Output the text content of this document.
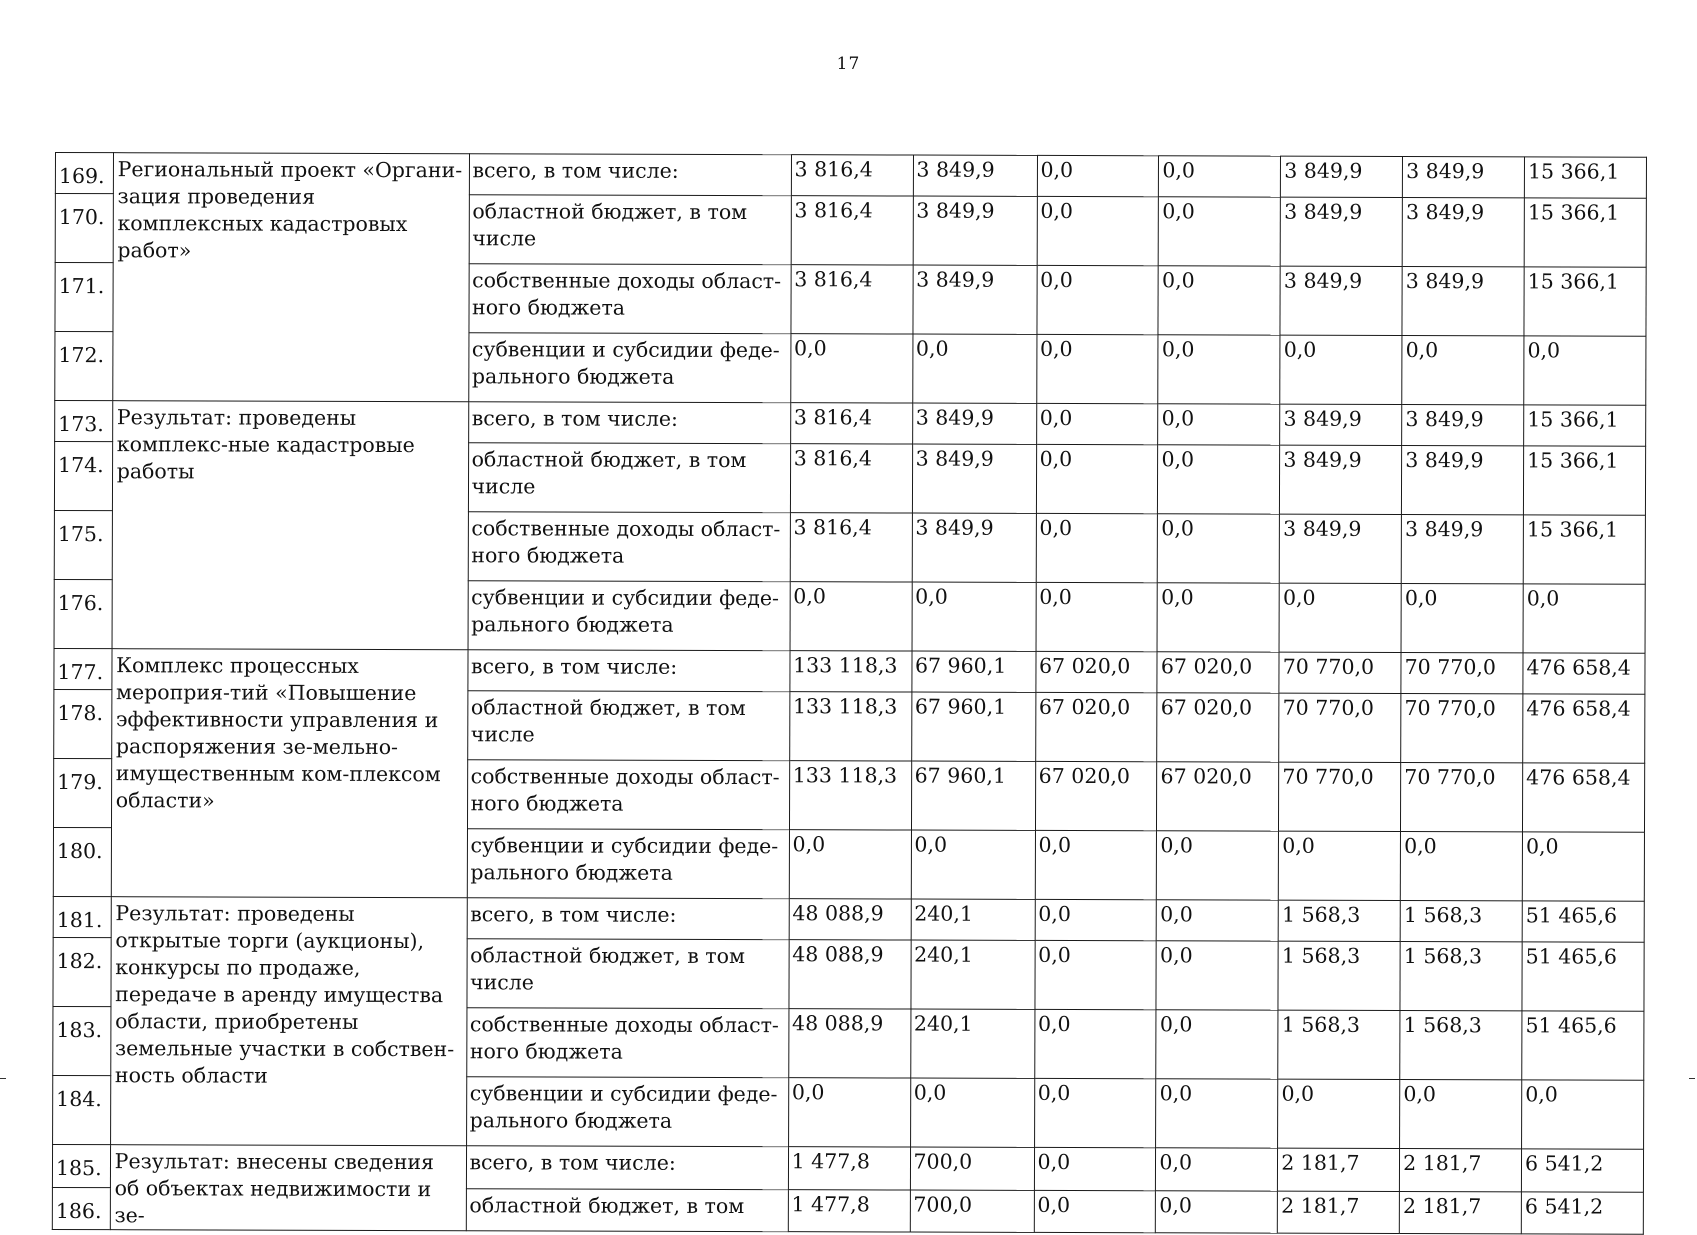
17
169.	Региональный проект «Органи-зация проведения комплексных кадастровых работ»	всего, в том числе:	3 816,4	3 849,9	0,0	0,0	3 849,9	3 849,9	15 366,1
170.		областной бюджет, в том числе	3 816,4	3 849,9	0,0	0,0	3 849,9	3 849,9	15 366,1
171.		собственные доходы област-ного бюджета	3 816,4	3 849,9	0,0	0,0	3 849,9	3 849,9	15 366,1
172.		субвенции и субсидии феде-рального бюджета	0,0	0,0	0,0	0,0	0,0	0,0	0,0
173.	Результат: проведены комплекс-ные кадастровые работы	всего, в том числе:	3 816,4	3 849,9	0,0	0,0	3 849,9	3 849,9	15 366,1
174.		областной бюджет, в том числе	3 816,4	3 849,9	0,0	0,0	3 849,9	3 849,9	15 366,1
175.		собственные доходы област-ного бюджета	3 816,4	3 849,9	0,0	0,0	3 849,9	3 849,9	15 366,1
176.		субвенции и субсидии феде-рального бюджета	0,0	0,0	0,0	0,0	0,0	0,0	0,0
177.	Комплекс процессных мероприя-тий «Повышение эффективности управления и распоряжения зе-мельно-имущественным ком-плексом области»	всего, в том числе:	133 118,3	67 960,1	67 020,0	67 020,0	70 770,0	70 770,0	476 658,4
178.		областной бюджет, в том числе	133 118,3	67 960,1	67 020,0	67 020,0	70 770,0	70 770,0	476 658,4
179.		собственные доходы област-ного бюджета	133 118,3	67 960,1	67 020,0	67 020,0	70 770,0	70 770,0	476 658,4
180.		субвенции и субсидии феде-рального бюджета	0,0	0,0	0,0	0,0	0,0	0,0	0,0
181.	Результат: проведены открытые торги (аукционы), конкурсы по продаже, передаче в аренду имущества области, приобретены земельные участки в собствен-ность области	всего, в том числе:	48 088,9	240,1	0,0	0,0	1 568,3	1 568,3	51 465,6
182.		областной бюджет, в том числе	48 088,9	240,1	0,0	0,0	1 568,3	1 568,3	51 465,6
183.		собственные доходы област-ного бюджета	48 088,9	240,1	0,0	0,0	1 568,3	1 568,3	51 465,6
184.		субвенции и субсидии феде-рального бюджета	0,0	0,0	0,0	0,0	0,0	0,0	0,0
185.	Результат: внесены сведения об объектах недвижимости и зе-	всего, в том числе:	1 477,8	700,0	0,0	0,0	2 181,7	2 181,7	6 541,2
186.		областной бюджет, в том	1 477,8	700,0	0,0	0,0	2 181,7	2 181,7	6 541,2
